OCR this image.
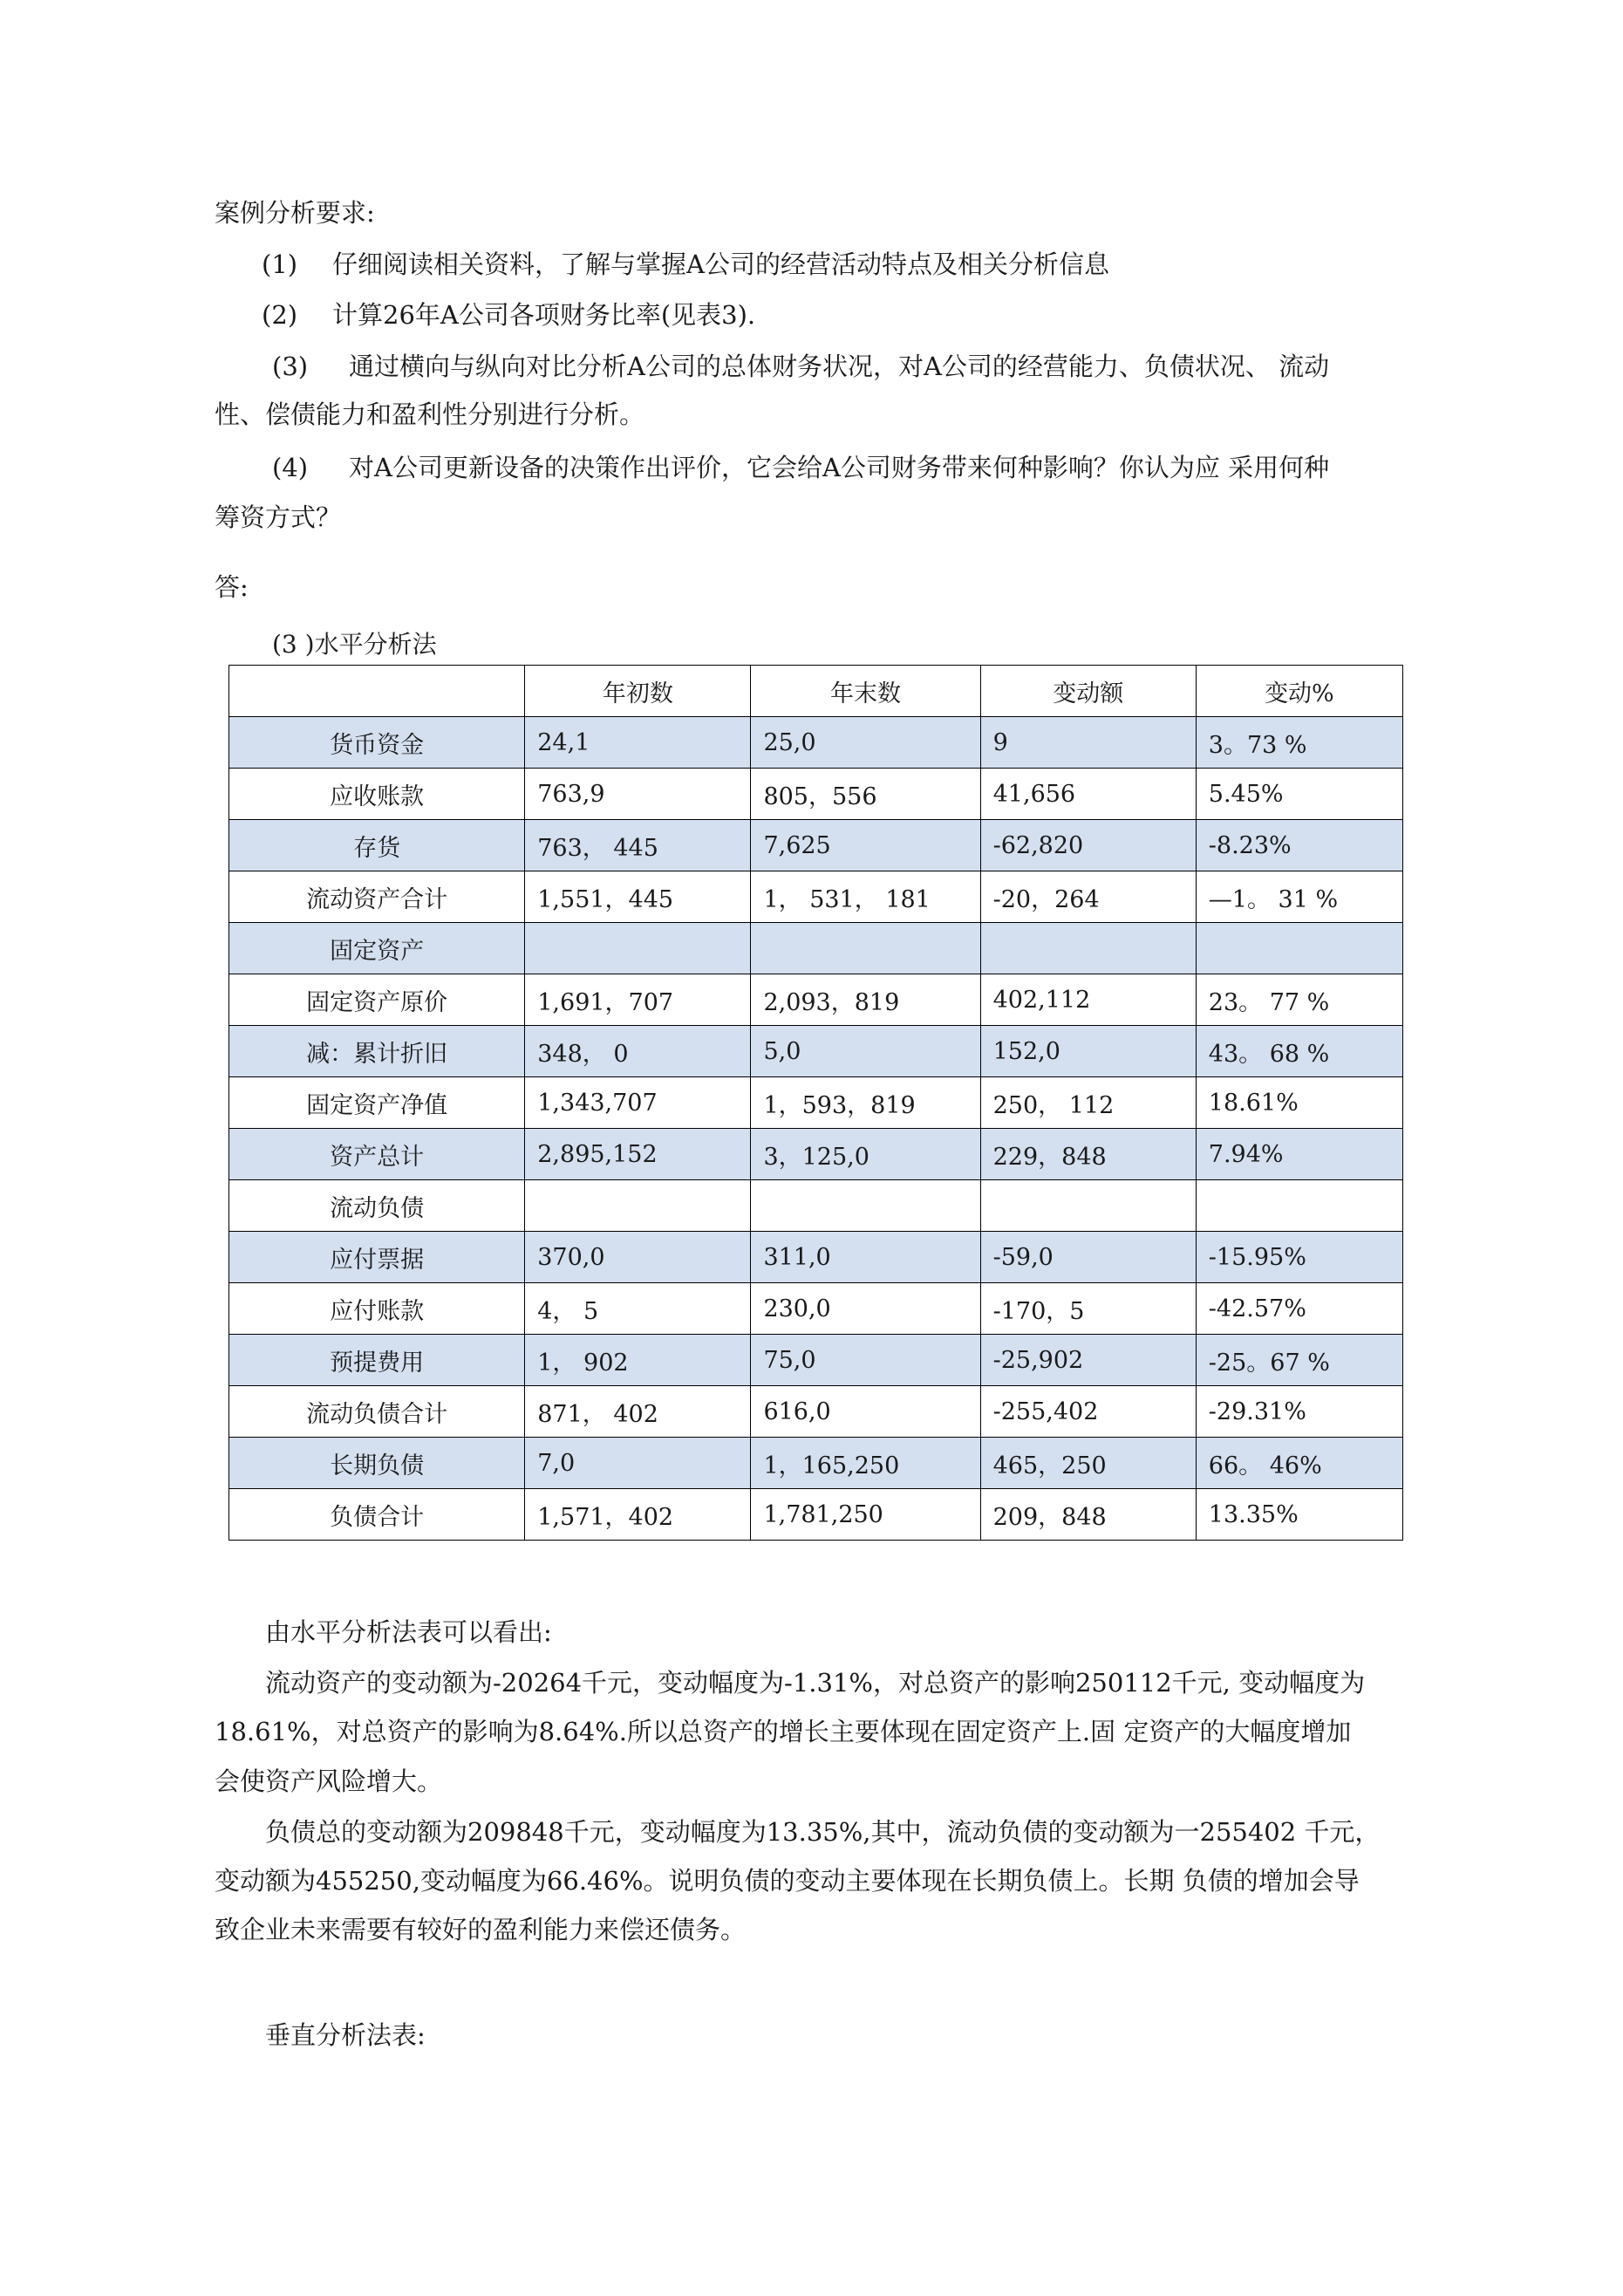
案例分析要求:
(1) 仔细阅读相关资料，了解与掌握A公司的经营活动特点及相关分析信息
(2) 计算26年A公司各项财务比率(见表3).
(3) 通过横向与纵向对比分析A公司的总体财务状况，对A公司的经营能力、负债状况、 流动
性、偿债能力和盈利性分别进行分析。
(4) 对A公司更新设备的决策作出评价，它会给A公司财务带来何种影响？你认为应 采用何种
筹资方式？
答:
(3 )水平分析法
	年初数	年末数	变动额	变动%
货币资金	24,1	25,0	9	3。73 %
应收账款	763,9	805，556	41,656	5.45%
存货	763， 445	7,625	-62,820	-8.23%
流动资产合计	1,551，445	1， 531， 181	-20，264	—1。 31 %
固定资产				
固定资产原价	1,691，707	2,093，819	402,112	23。 77 %
减：累计折旧	348， 0	5,0	152,0	43。 68 %
固定资产净值	1,343,707	1，593，819	250， 112	18.61%
资产总计	2,895,152	3，125,0	229，848	7.94%
流动负债				
应付票据	370,0	311,0	-59,0	-15.95%
应付账款	4， 5	230,0	-170，5	-42.57%
预提费用	1， 902	75,0	-25,902	-25。67 %
流动负债合计	871， 402	616,0	-255,402	-29.31%
长期负债	7,0	1，165,250	465，250	66。 46%
负债合计	1,571，402	1,781,250	209，848	13.35%
由水平分析法表可以看出:
流动资产的变动额为-20264千元，变动幅度为-1.31%，对总资产的影响250112千元, 变动幅度为
18.61%，对总资产的影响为8.64%.所以总资产的增长主要体现在固定资产上.固 定资产的大幅度增加
会使资产风险增大。
负债总的变动额为209848千元，变动幅度为13.35%,其中，流动负债的变动额为一255402 千元，
变动额为455250,变动幅度为66.46%。说明负债的变动主要体现在长期负债上。长期 负债的增加会导
致企业未来需要有较好的盈利能力来偿还债务。
垂直分析法表:
